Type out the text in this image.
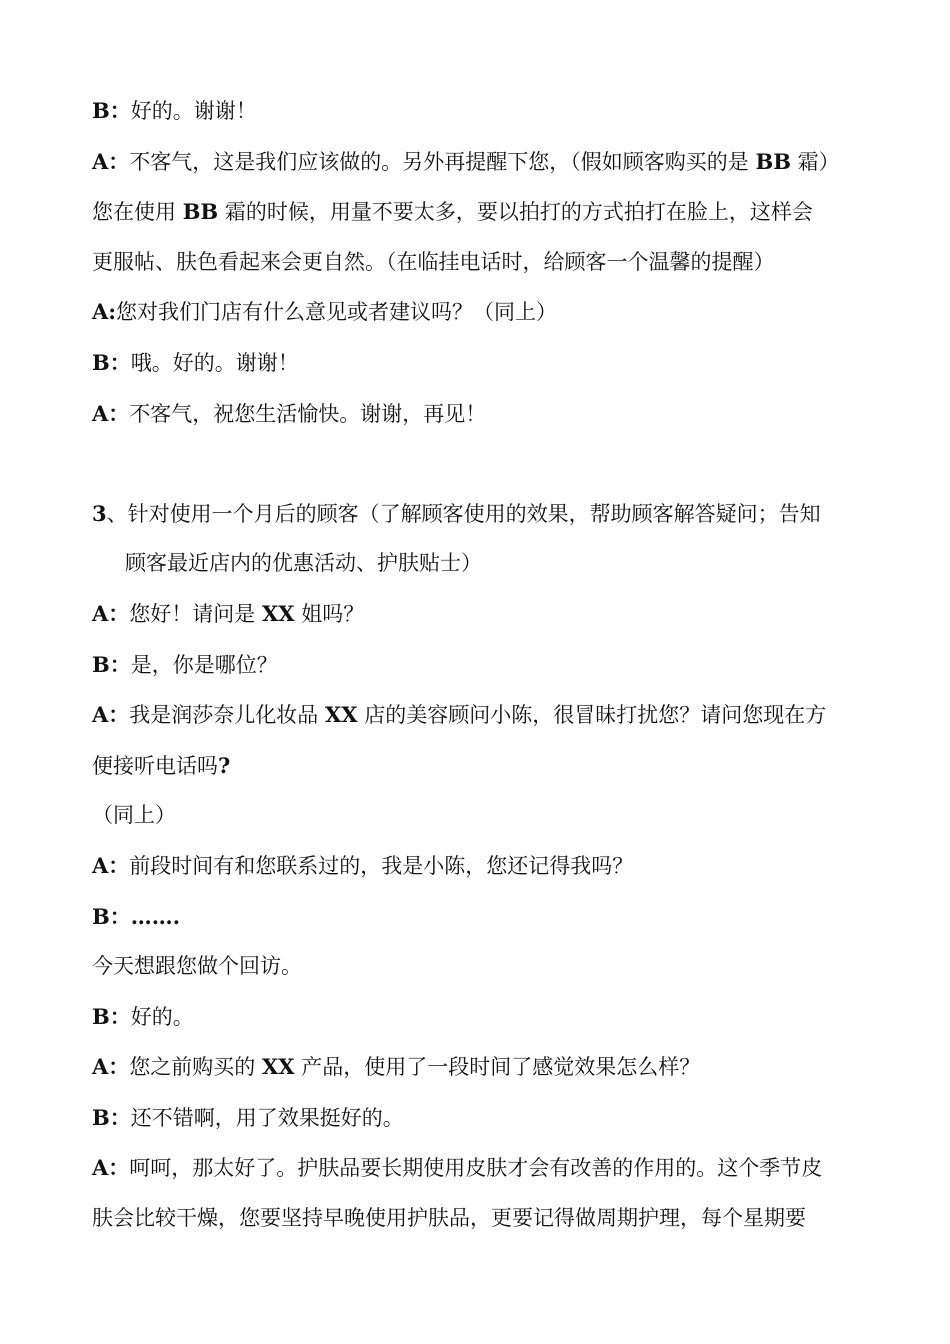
B：好的。谢谢！
A：不客气，这是我们应该做的。另外再提醒下您，（假如顾客购买的是 BB 霜）
您在使用 BB 霜的时候，用量不要太多，要以拍打的方式拍打在脸上，这样会
更服帖、肤色看起来会更自然。（在临挂电话时，给顾客一个温馨的提醒）
A:您对我们门店有什么意见或者建议吗？（同上）
B：哦。好的。谢谢！
A：不客气，祝您生活愉快。谢谢，再见！
3、针对使用一个月后的顾客（了解顾客使用的效果，帮助顾客解答疑问；告知
顾客最近店内的优惠活动、护肤贴士）
A：您好！请问是 XX 姐吗？
B：是，你是哪位？
A：我是润莎奈儿化妆品 XX 店的美容顾问小陈，很冒昧打扰您？请问您现在方
便接听电话吗?
（同上）
A：前段时间有和您联系过的，我是小陈，您还记得我吗？
B：…….
今天想跟您做个回访。
B：好的。
A：您之前购买的 XX 产品，使用了一段时间了感觉效果怎么样？
B：还不错啊，用了效果挺好的。
A：呵呵，那太好了。护肤品要长期使用皮肤才会有改善的作用的。这个季节皮
肤会比较干燥，您要坚持早晚使用护肤品，更要记得做周期护理，每个星期要
